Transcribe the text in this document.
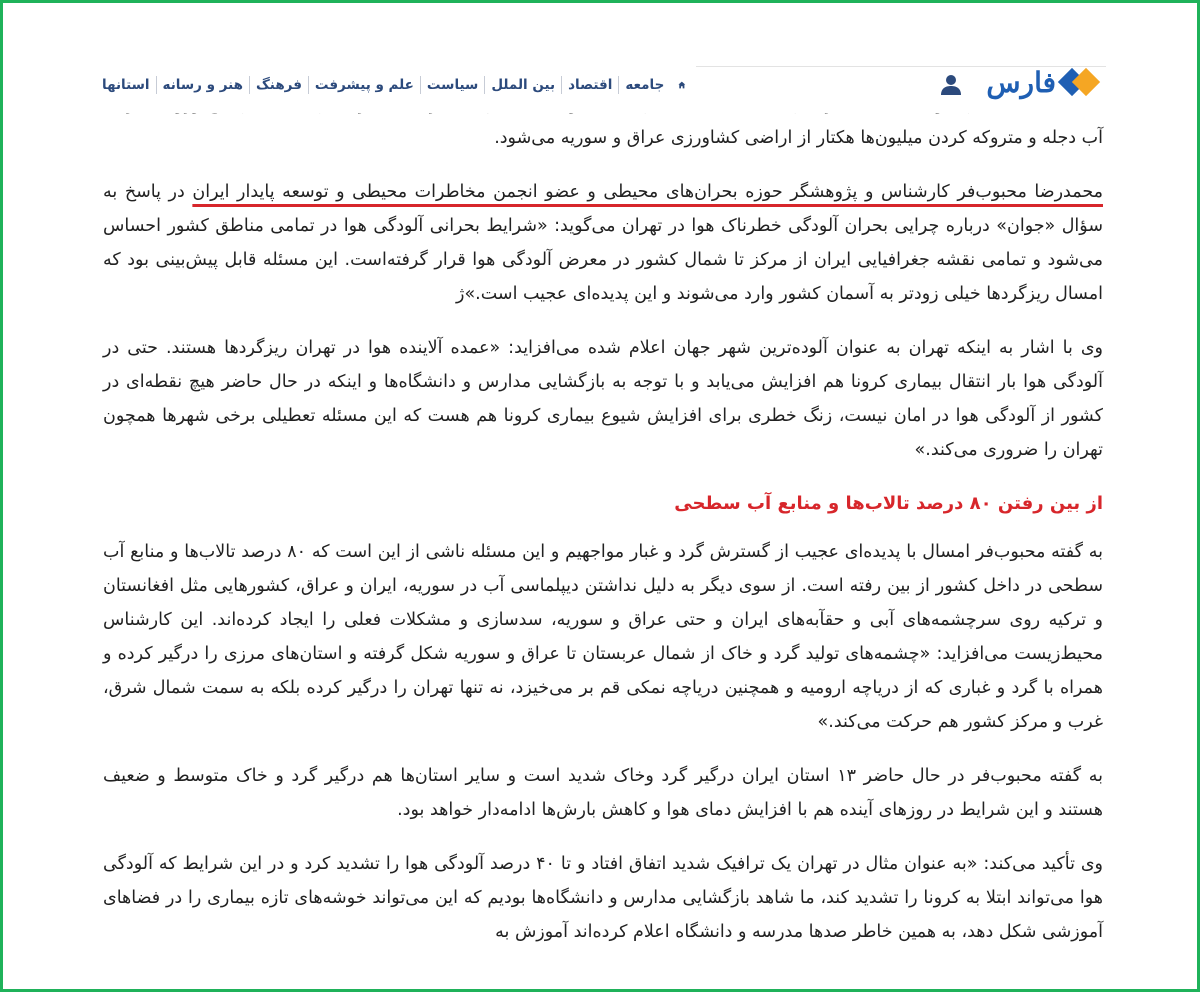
آب دجله و متروکه کردن میلیون‌ها هکتار از اراضی کشاورزی عراق و سوریه می‌شود.

محمدرضا محبوب‌فر کارشناس و پژوهشگر حوزه بحران‌های محیطی و عضو انجمن مخاطرات محیطی و توسعه پایدار ایران در پاسخ به سؤال «جوان» درباره چرایی بحران آلودگی خطرناک هوا در تهران می‌گوید: «شرایط بحرانی آلودگی هوا در تمامی مناطق کشور احساس می‌شود و تمامی نقشه جغرافیایی ایران از مرکز تا شمال کشور در معرض آلودگی هوا قرار گرفته‌است. این مسئله قابل پیش‌بینی بود که امسال ریزگردها خیلی زودتر به آسمان کشور وارد می‌شوند و این پدیده‌ای عجیب است.»ژ

وی با اشار به اینکه تهران به عنوان آلوده‌ترین شهر جهان اعلام شده می‌افزاید: «عمده آلاینده هوا در تهران ریزگردها هستند. حتی در آلودگی هوا بار انتقال بیماری کرونا هم افزایش می‌یابد و با توجه به بازگشایی مدارس و دانشگاه‌ها و اینکه در حال حاضر هیچ نقطه‌ای در کشور از آلودگی هوا در امان نیست، زنگ خطری برای افزایش شیوع بیماری کرونا هم هست که این مسئله تعطیلی برخی شهرها همچون تهران را ضروری می‌کند.»

از بین رفتن ۸۰ درصد تالاب‌ها و منابع آب سطحی

به گفته محبوب‌فر امسال با پدیده‌ای عجیب از گسترش گرد و غبار مواجهیم و این مسئله ناشی از این است که ۸۰ درصد تالاب‌ها و منابع آب سطحی در داخل کشور از بین رفته است. از سوی دیگر به دلیل نداشتن دیپلماسی آب در سوریه، ایران و عراق، کشورهایی مثل افغانستان و ترکیه روی سرچشمه‌های آبی و حقآبه‌های ایران و حتی عراق و سوریه، سدسازی و مشکلات فعلی را ایجاد کرده‌اند. این کارشناس محیط‌زیست می‌افزاید: «چشمه‌های تولید گرد و خاک از شمال عربستان تا عراق و سوریه شکل گرفته و استان‌های مرزی را درگیر کرده و همراه با گرد و غباری که از دریاچه ارومیه و همچنین دریاچه نمکی قم بر می‌خیزد، نه تنها تهران را درگیر کرده بلکه به سمت شمال شرق، غرب و مرکز کشور هم حرکت می‌کند.»

به گفته محبوب‌فر در حال حاضر ۱۳ استان ایران درگیر گرد وخاک شدید است و سایر استان‌ها هم درگیر گرد و خاک متوسط و ضعیف هستند و این شرایط در روزهای آینده هم با افزایش دمای هوا و کاهش بارش‌ها ادامه‌دار خواهد بود.

وی تأکید می‌کند: «به عنوان مثال در تهران یک ترافیک شدید اتفاق افتاد و تا ۴۰ درصد آلودگی هوا را تشدید کرد و در این شرایط که آلودگی هوا می‌تواند ابتلا به کرونا را تشدید کند، ما شاهد بازگشایی مدارس و دانشگاه‌ها بودیم که این می‌تواند خوشه‌های تازه بیماری را در فضاهای آموزشی شکل دهد، به همین خاطر صدها مدرسه و دانشگاه اعلام کرده‌اند آموزش به

فارس
جامعه
اقتصاد
بین الملل
سیاست
علم و پیشرفت
فرهنگ
هنر و رسانه
استانها
